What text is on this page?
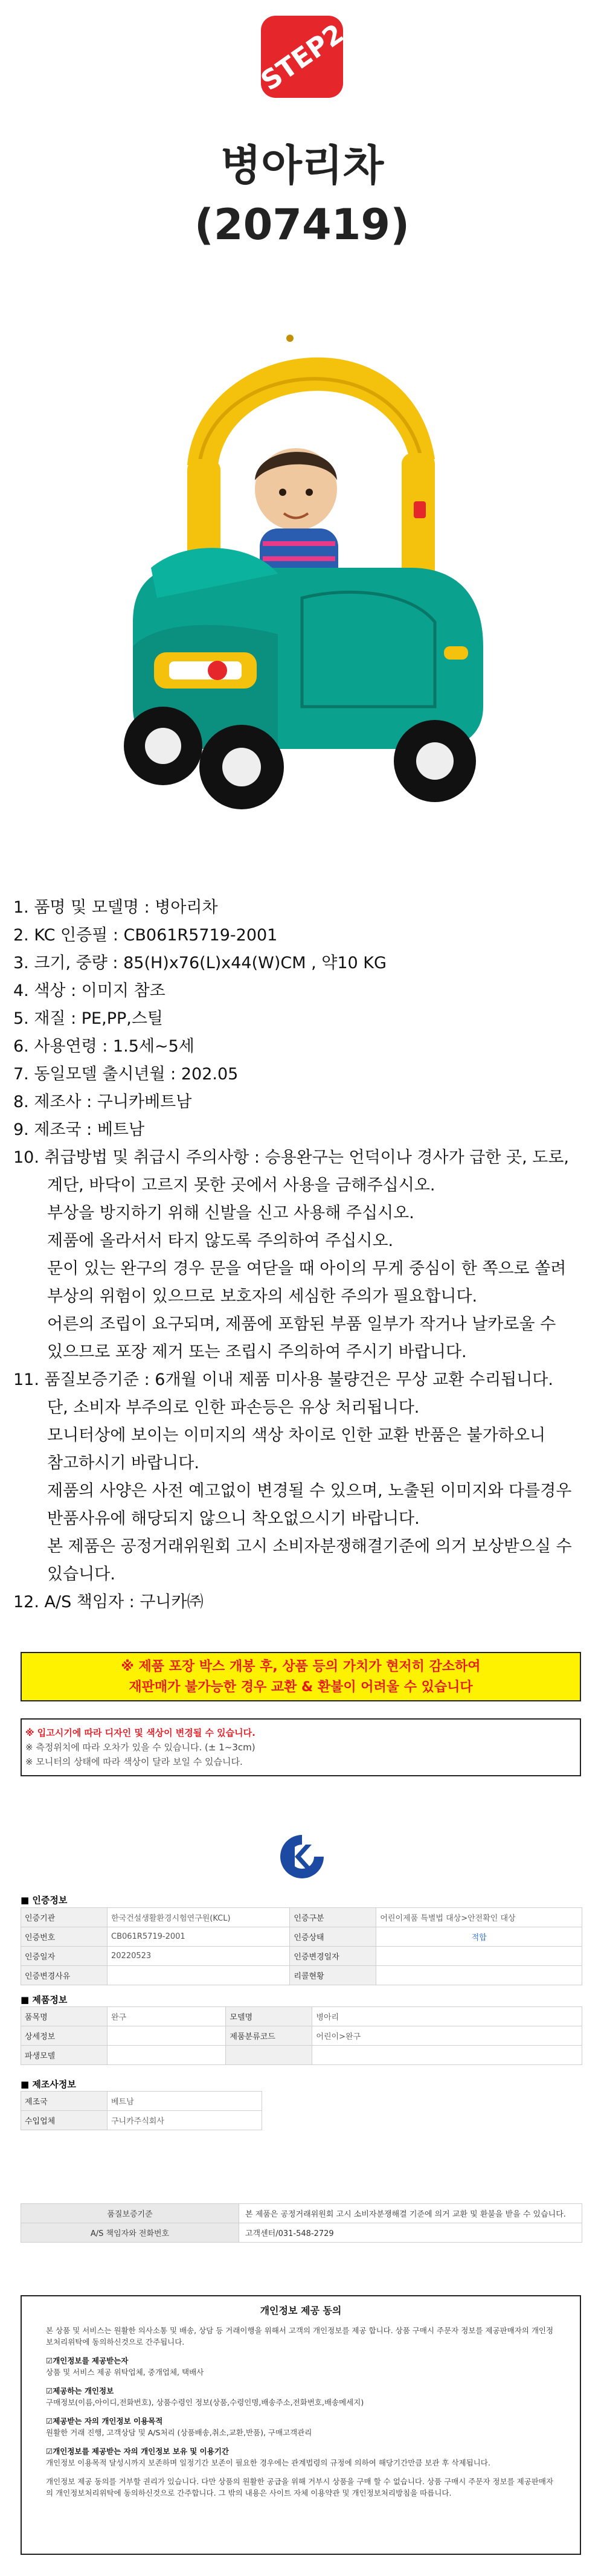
STEP2
병아리차
(207419)
1. 품명 및 모델명 : 병아리차
2. KC 인증필 : CB061R5719-2001
3. 크기, 중량 : 85(H)x76(L)x44(W)CM , 약10 KG
4. 색상 : 이미지 참조
5. 재질 : PE,PP,스틸
6. 사용연령 : 1.5세~5세
7. 동일모델 출시년월 : 202.05
8. 제조사 : 구니카베트남
9. 제조국 : 베트남
10. 취급방법 및 취급시 주의사항 : 승용완구는 언덕이나 경사가 급한 곳, 도로,
계단, 바닥이 고르지 못한 곳에서 사용을 금해주십시오.
부상을 방지하기 위해 신발을 신고 사용해 주십시오.
제품에 올라서서 타지 않도록 주의하여 주십시오.
문이 있는 완구의 경우 문을 여닫을 때 아이의 무게 중심이 한 쪽으로 쏠려
부상의 위험이 있으므로 보호자의 세심한 주의가 필요합니다.
어른의 조립이 요구되며, 제품에 포함된 부품 일부가 작거나 날카로울 수
있으므로 포장 제거 또는 조립시 주의하여 주시기 바랍니다.
11. 품질보증기준 : 6개월 이내 제품 미사용 불량건은 무상 교환 수리됩니다.
단, 소비자 부주의로 인한 파손등은 유상 처리됩니다.
모니터상에 보이는 이미지의 색상 차이로 인한 교환 반품은 불가하오니
참고하시기 바랍니다.
제품의 사양은 사전 예고없이 변경될 수 있으며, 노출된 이미지와 다를경우
반품사유에 해당되지 않으니 착오없으시기 바랍니다.
본 제품은 공정거래위원회 고시 소비자분쟁해결기준에 의거 보상받으실 수
있습니다.
12. A/S 책임자 : 구니카㈜
※ 제품 포장 박스 개봉 후, 상품 등의 가치가 현저히 감소하여
재판매가 불가능한 경우 교환 & 환불이 어려울 수 있습니다
※ 입고시기에 따라 디자인 및 색상이 변경될 수 있습니다.
※ 측정위치에 따라 오차가 있을 수 있습니다. (± 1~3cm)
※ 모니터의 상태에 따라 색상이 달라 보일 수 있습니다.
■ 인증정보
인증기관	한국건설생활환경시험연구원(KCL)	인증구분	어린이제품 특별법 대상>안전확인 대상
인증번호	CB061R5719-2001	인증상태	적합
인증일자	20220523	인증변경일자	
인증변경사유		리콜현황	
■ 제품정보
품목명	완구	모델명	병아리
상세정보		제품분류코드	어린이>완구
파생모델			
■ 제조사정보
제조국	베트남
수입업체	구니카주식회사
품질보증기준	본 제품은 공정거래위원회 고시 소비자분쟁해결 기준에 의거 교환 및 환불을 받을 수 있습니다.
A/S 책임자와 전화번호	고객센터/031-548-2729
개인정보 제공 동의

본 상품 및 서비스는 원활한 의사소통 및 배송, 상담 등 거래이행을 위해서 고객의 개인정보를 제공 합니다. 상품 구매시 주문자 정보를 제공판매자의 개인정보처리위탁에 동의하신것으로 간주됩니다.

☑개인정보를 제공받는자
상품 및 서비스 제공 위탁업체, 중개업체, 택배사

☑제공하는 개인정보
구매정보(이름,아이디,전화번호), 상품수령인 정보(상품,수령인명,배송주소,전화번호,배송메세지)

☑제공받는 자의 개인정보 이용목적
원활한 거래 진행, 고객상담 및 A/S처리 (상품배송,취소,교환,반품), 구매고객관리

☑개인정보를 제공받는 자의 개인정보 보유 및 이용기간
개인정보 이용목적 달성시까지 보존하며 일정기간 보존이 필요한 경우에는 관계법령의 규정에 의하여 해당기간만큼 보관 후 삭제됩니다.

개인정보 제공 동의를 거부할 권리가 있습니다. 다만 상품의 원활한 공급을 위해 거부시 상품을 구매 할 수 없습니다. 상품 구매시 주문자 정보를 제공판매자의 개인정보처리위탁에 동의하신것으로 간주합니다. 그 밖의 내용은 사이트 자체 이용약관 및 개인정보처리방침을 따릅니다.
